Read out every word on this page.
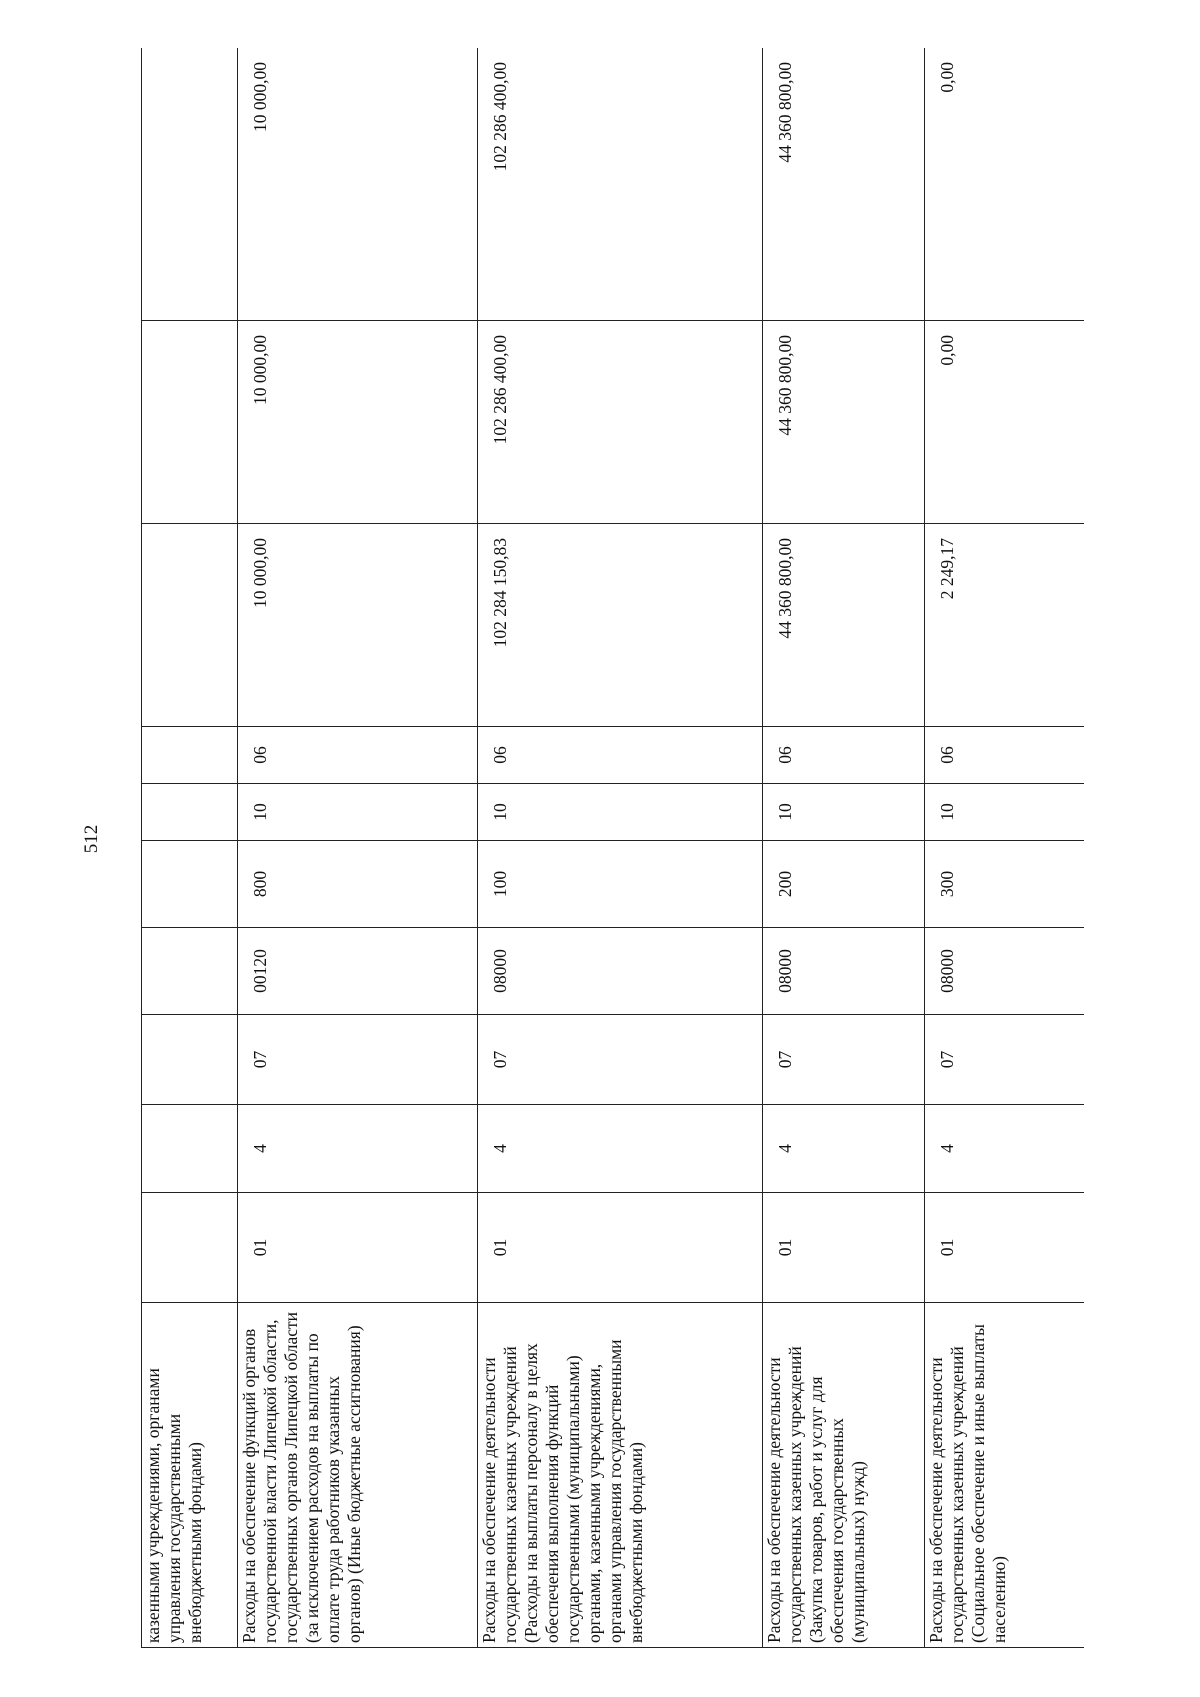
512
казенными учреждениями, органами управления государственными внебюджетными фондами)										
Расходы на обеспечение функций органов государственной власти Липецкой области, государственных органов Липецкой области (за исключением расходов на выплаты по оплате труда работников указанных органов) (Иные бюджетные ассигнования)	01	4	07	00120	800	10	06	10 000,00	10 000,00	10 000,00
Расходы на обеспечение деятельности государственных казенных учреждений (Расходы на выплаты персоналу в целях обеспечения выполнения функций государственными (муниципальными) органами, казенными учреждениями, органами управления государственными внебюджетными фондами)	01	4	07	08000	100	10	06	102 284 150,83	102 286 400,00	102 286 400,00
Расходы на обеспечение деятельности государственных казенных учреждений (Закупка товаров, работ и услуг для обеспечения государственных (муниципальных) нужд)	01	4	07	08000	200	10	06	44 360 800,00	44 360 800,00	44 360 800,00
Расходы на обеспечение деятельности государственных казенных учреждений (Социальное обеспечение и иные выплаты населению)	01	4	07	08000	300	10	06	2 249,17	0,00	0,00
